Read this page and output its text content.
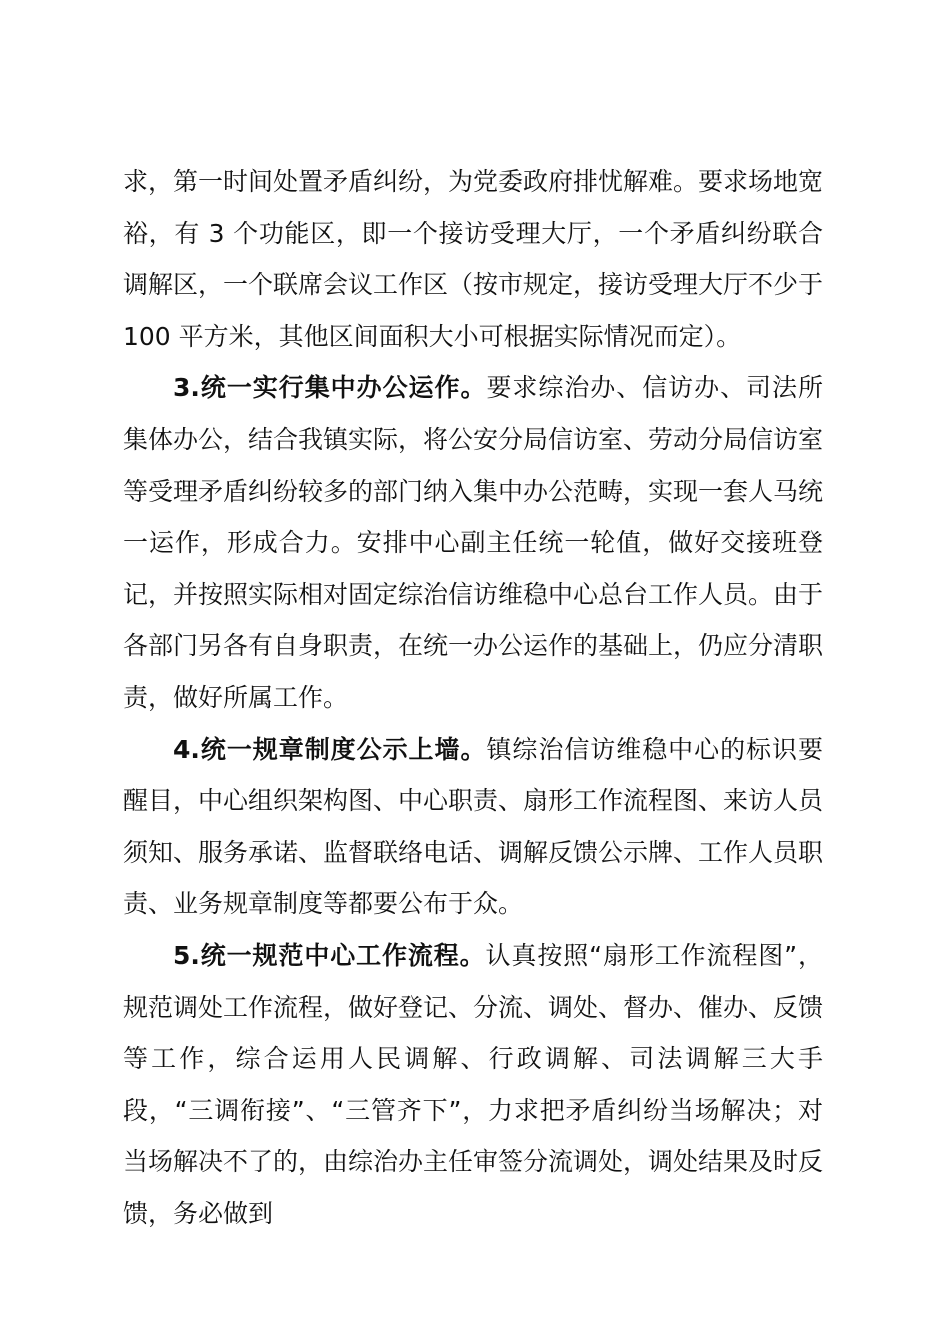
求，第一时间处置矛盾纠纷，为党委政府排忧解难。要求场地宽裕，有 3 个功能区，即一个接访受理大厅，一个矛盾纠纷联合调解区，一个联席会议工作区（按市规定，接访受理大厅不少于 100 平方米，其他区间面积大小可根据实际情况而定）。

3.统一实行集中办公运作。要求综治办、信访办、司法所集体办公，结合我镇实际，将公安分局信访室、劳动分局信访室等受理矛盾纠纷较多的部门纳入集中办公范畴，实现一套人马统一运作，形成合力。安排中心副主任统一轮值，做好交接班登记，并按照实际相对固定综治信访维稳中心总台工作人员。由于各部门另各有自身职责，在统一办公运作的基础上，仍应分清职责，做好所属工作。

4.统一规章制度公示上墙。镇综治信访维稳中心的标识要醒目，中心组织架构图、中心职责、扇形工作流程图、来访人员须知、服务承诺、监督联络电话、调解反馈公示牌、工作人员职责、业务规章制度等都要公布于众。

5.统一规范中心工作流程。认真按照“扇形工作流程图”，规范调处工作流程，做好登记、分流、调处、督办、催办、反馈等工作，综合运用人民调解、行政调解、司法调解三大手段，“三调衔接”、“三管齐下”，力求把矛盾纠纷当场解决；对当场解决不了的，由综治办主任审签分流调处，调处结果及时反馈，务必做到
